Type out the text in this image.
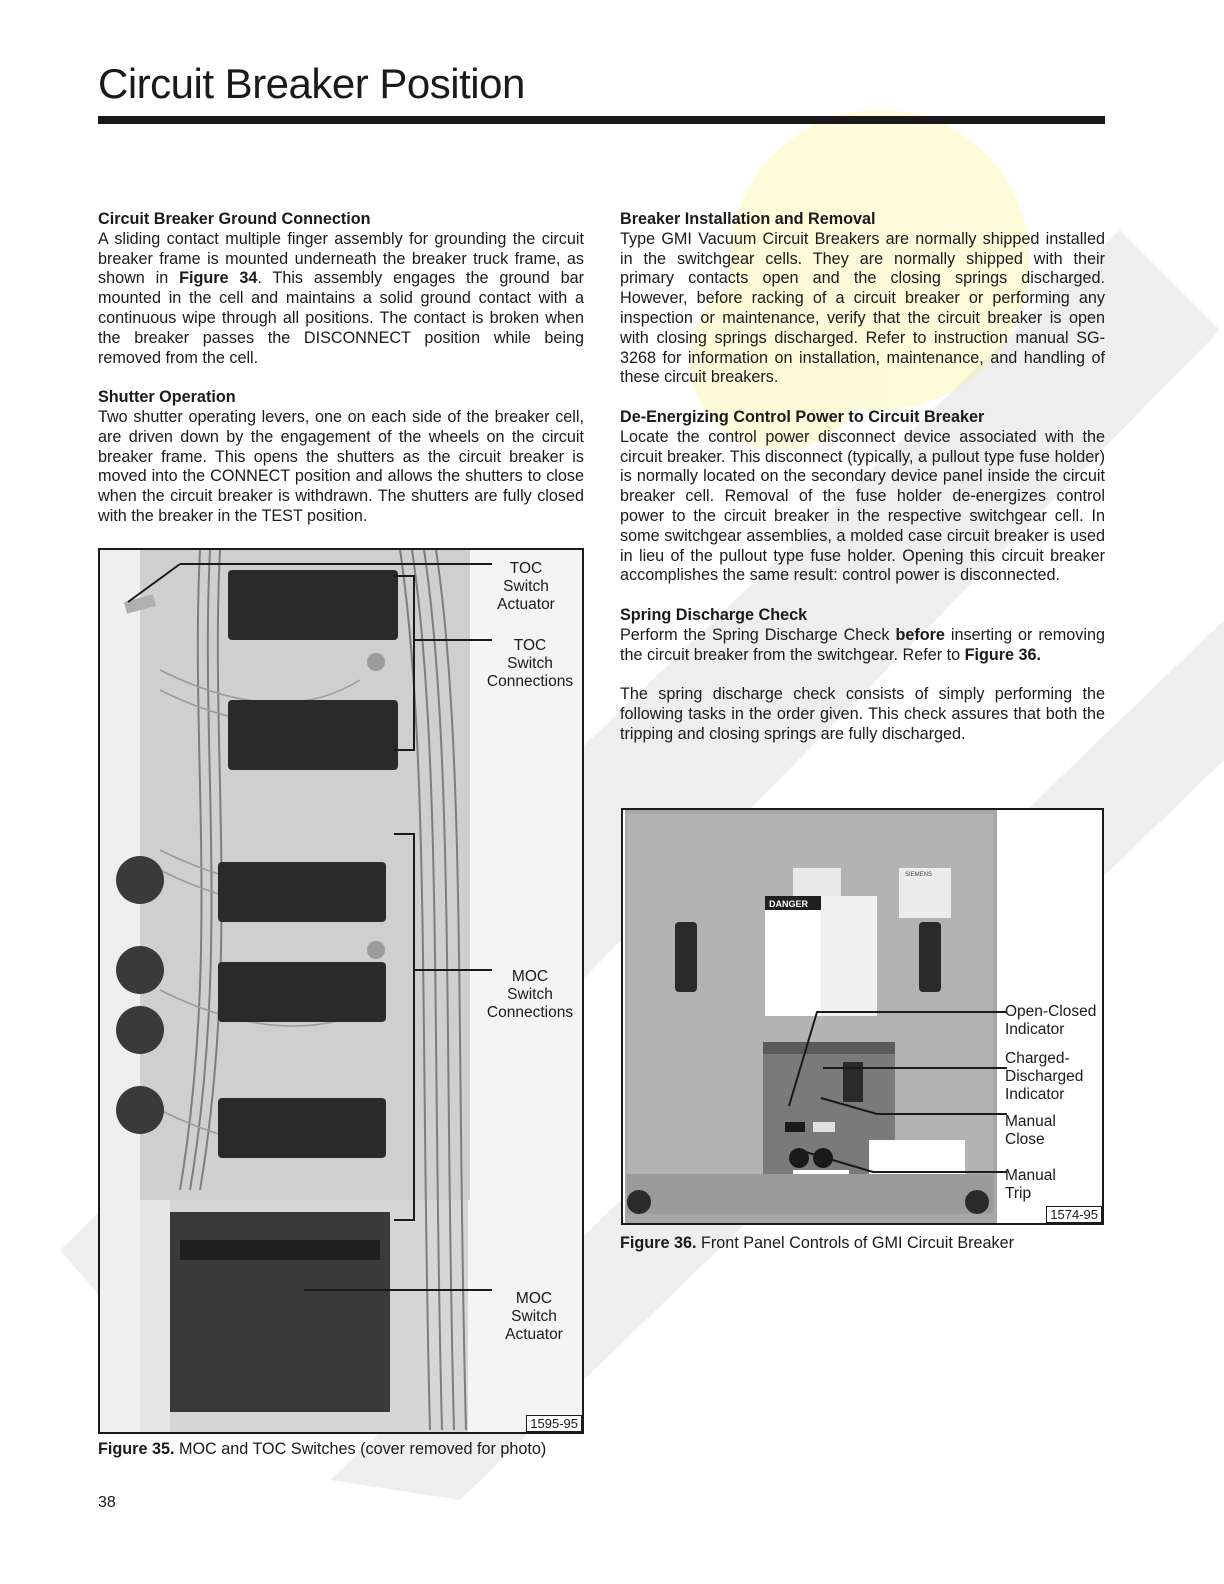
Circuit Breaker Position
Circuit Breaker Ground Connection

A sliding contact multiple finger assembly for grounding the circuit breaker frame is mounted underneath the breaker truck frame, as shown in Figure 34. This assembly engages the ground bar mounted in the cell and maintains a solid ground contact with a continuous wipe through all positions. The contact is broken when the breaker passes the DISCONNECT position while being removed from the cell.

Shutter Operation

Two shutter operating levers, one on each side of the breaker cell, are driven down by the engagement of the wheels on the circuit breaker frame. This opens the shutters as the circuit breaker is moved into the CONNECT position and allows the shutters to close when the circuit breaker is withdrawn. The shutters are fully closed with the breaker in the TEST position.

Breaker Installation and Removal

Type GMI Vacuum Circuit Breakers are normally shipped installed in the switchgear cells. They are normally shipped with their primary contacts open and the closing springs discharged. However, before racking of a circuit breaker or performing any inspection or maintenance, verify that the circuit breaker is open with closing springs discharged. Refer to instruction manual SG-3268 for information on installation, maintenance, and handling of these circuit breakers.

De-Energizing Control Power to Circuit Breaker

Locate the control power disconnect device associated with the circuit breaker. This disconnect (typically, a pullout type fuse holder) is normally located on the secondary device panel inside the circuit breaker cell. Removal of the fuse holder de-energizes control power to the circuit breaker in the respective switchgear cell. In some switchgear assemblies, a molded case circuit breaker is used in lieu of the pullout type fuse holder. Opening this circuit breaker accomplishes the same result: control power is disconnected.

Spring Discharge Check

Perform the Spring Discharge Check before inserting or removing the circuit breaker from the switchgear. Refer to Figure 36.

The spring discharge check consists of simply performing the following tasks in the order given. This check assures that both the tripping and closing springs are fully discharged.

TOC
Switch
Actuator
TOC
Switch
Connections
MOC
Switch
Connections
MOC
Switch
Actuator
1595-95
Figure 35. MOC and TOC Switches (cover removed for photo)
DANGER
SIEMENS
Open-Closed
Indicator
Charged-
Discharged
Indicator
Manual
Close
Manual
Trip
1574-95
Figure 36. Front Panel Controls of GMI Circuit Breaker
38
